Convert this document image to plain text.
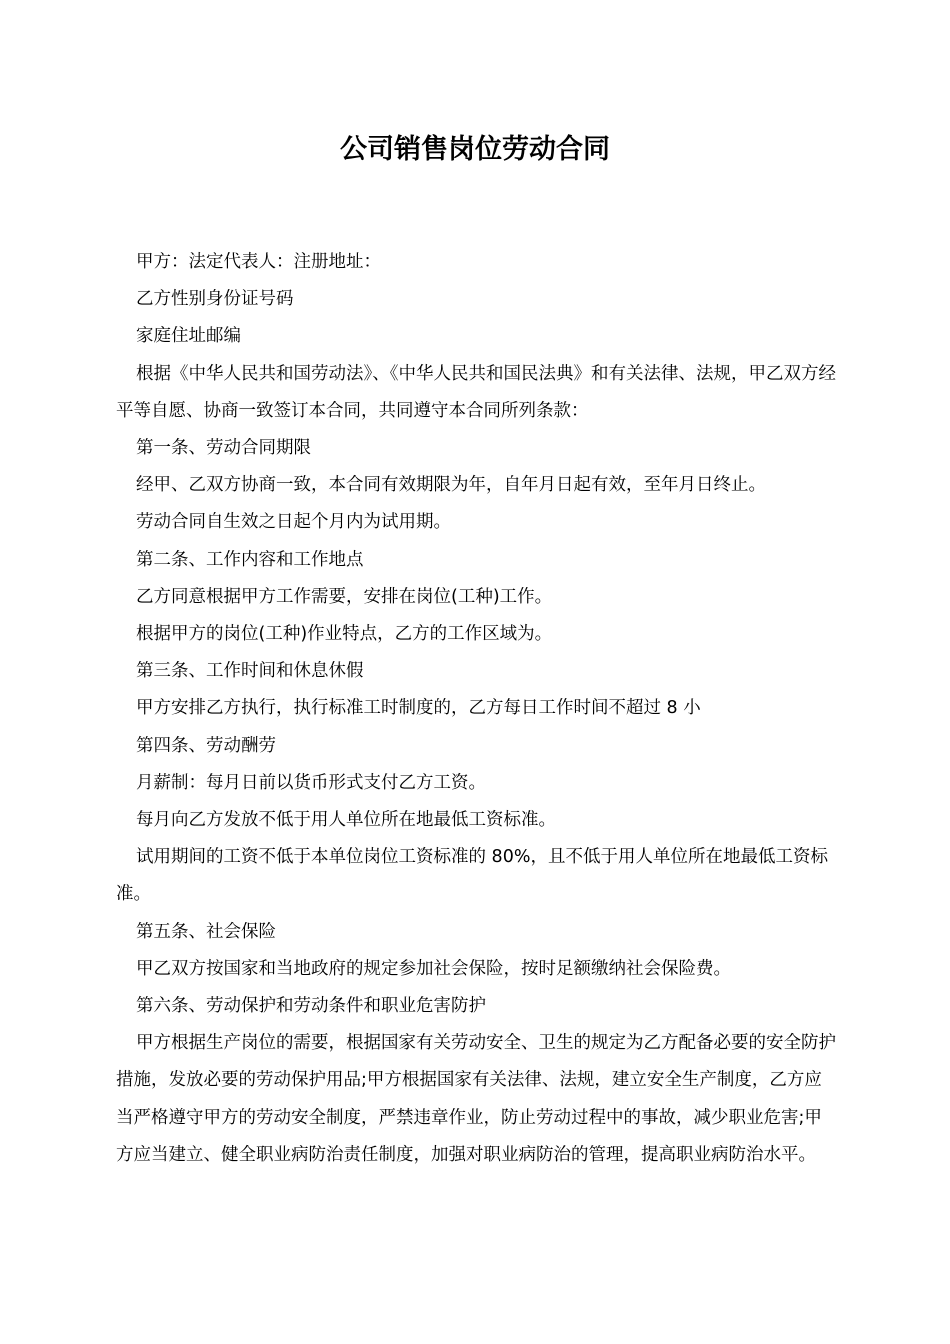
公司销售岗位劳动合同

甲方：法定代表人：注册地址：

乙方性别身份证号码

家庭住址邮编

根据《中华人民共和国劳动法》、《中华人民共和国民法典》和有关法律、法规，甲乙双方经平等自愿、协商一致签订本合同，共同遵守本合同所列条款：

第一条、劳动合同期限

经甲、乙双方协商一致，本合同有效期限为年，自年月日起有效，至年月日终止。

劳动合同自生效之日起个月内为试用期。

第二条、工作内容和工作地点

乙方同意根据甲方工作需要，安排在岗位(工种)工作。

根据甲方的岗位(工种)作业特点，乙方的工作区域为。

第三条、工作时间和休息休假

甲方安排乙方执行，执行标准工时制度的，乙方每日工作时间不超过 8 小

第四条、劳动酬劳

月薪制：每月日前以货币形式支付乙方工资。

每月向乙方发放不低于用人单位所在地最低工资标准。

试用期间的工资不低于本单位岗位工资标准的 80%，且不低于用人单位所在地最低工资标准。

第五条、社会保险

甲乙双方按国家和当地政府的规定参加社会保险，按时足额缴纳社会保险费。

第六条、劳动保护和劳动条件和职业危害防护

甲方根据生产岗位的需要，根据国家有关劳动安全、卫生的规定为乙方配备必要的安全防护措施，发放必要的劳动保护用品;甲方根据国家有关法律、法规，建立安全生产制度，乙方应当严格遵守甲方的劳动安全制度，严禁违章作业，防止劳动过程中的事故，减少职业危害;甲方应当建立、健全职业病防治责任制度，加强对职业病防治的管理，提高职业病防治水平。
